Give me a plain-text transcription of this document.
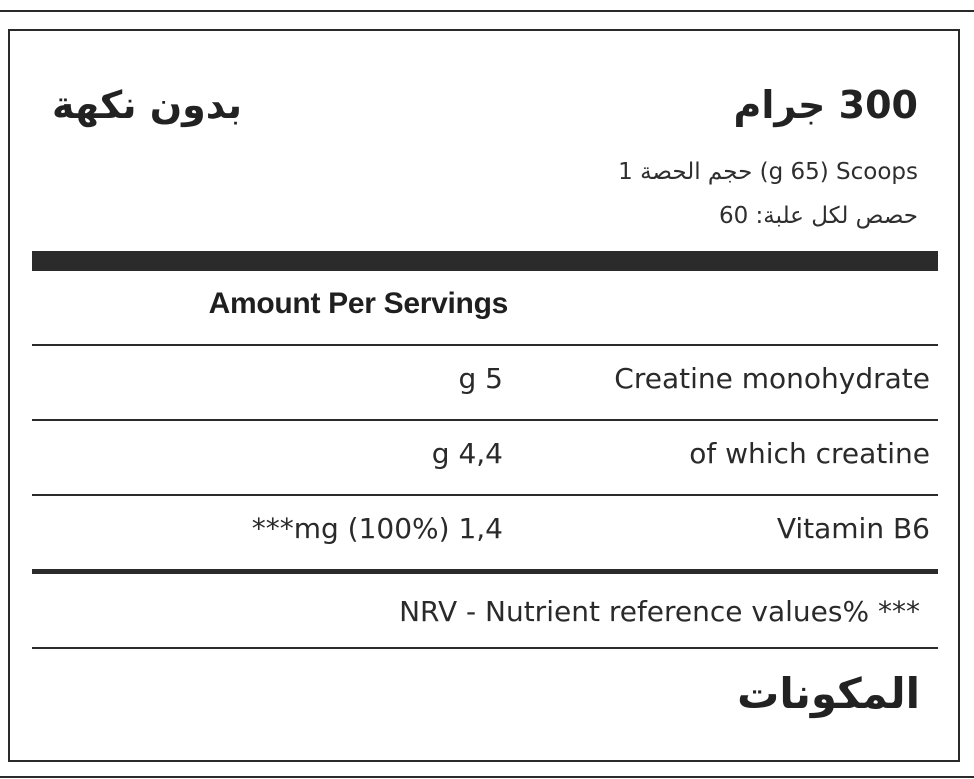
300 جرام
بدون نكهة
حجم الحصة 1 (g 65) Scoops
حصص لكل علبة: 60
Amount Per Servings
Creatine monohydrate
g 5
of which creatine
g 4,4
Vitamin B6
***mg (100%) 1,4
NRV - Nutrient reference values% ***
المكونات
